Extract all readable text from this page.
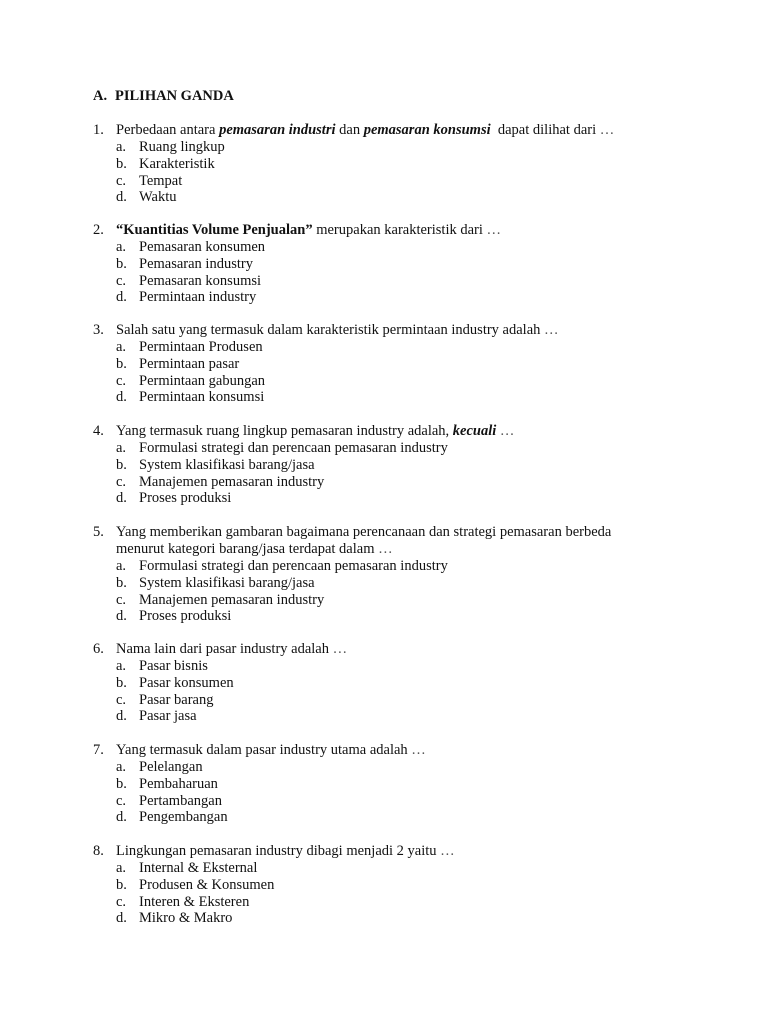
A. PILIHAN GANDA
1. Perbedaan antara pemasaran industri dan pemasaran konsumsi  dapat dilihat dari …
a. Ruang lingkup
b. Karakteristik
c. Tempat
d. Waktu
2. “Kuantitias Volume Penjualan” merupakan karakteristik dari …
a. Pemasaran konsumen
b. Pemasaran industry
c. Pemasaran konsumsi
d. Permintaan industry
3. Salah satu yang termasuk dalam karakteristik permintaan industry adalah …
a. Permintaan Produsen
b. Permintaan pasar
c. Permintaan gabungan
d. Permintaan konsumsi
4. Yang termasuk ruang lingkup pemasaran industry adalah, kecuali …
a. Formulasi strategi dan perencaan pemasaran industry
b. System klasifikasi barang/jasa
c. Manajemen pemasaran industry
d. Proses produksi
5. Yang memberikan gambaran bagaimana perencanaan dan strategi pemasaran berbeda
menurut kategori barang/jasa terdapat dalam …
a. Formulasi strategi dan perencaan pemasaran industry
b. System klasifikasi barang/jasa
c. Manajemen pemasaran industry
d. Proses produksi
6. Nama lain dari pasar industry adalah …
a. Pasar bisnis
b. Pasar konsumen
c. Pasar barang
d. Pasar jasa
7. Yang termasuk dalam pasar industry utama adalah …
a. Pelelangan
b. Pembaharuan
c. Pertambangan
d. Pengembangan
8. Lingkungan pemasaran industry dibagi menjadi 2 yaitu …
a. Internal & Eksternal
b. Produsen & Konsumen
c. Interen & Eksteren
d. Mikro & Makro
